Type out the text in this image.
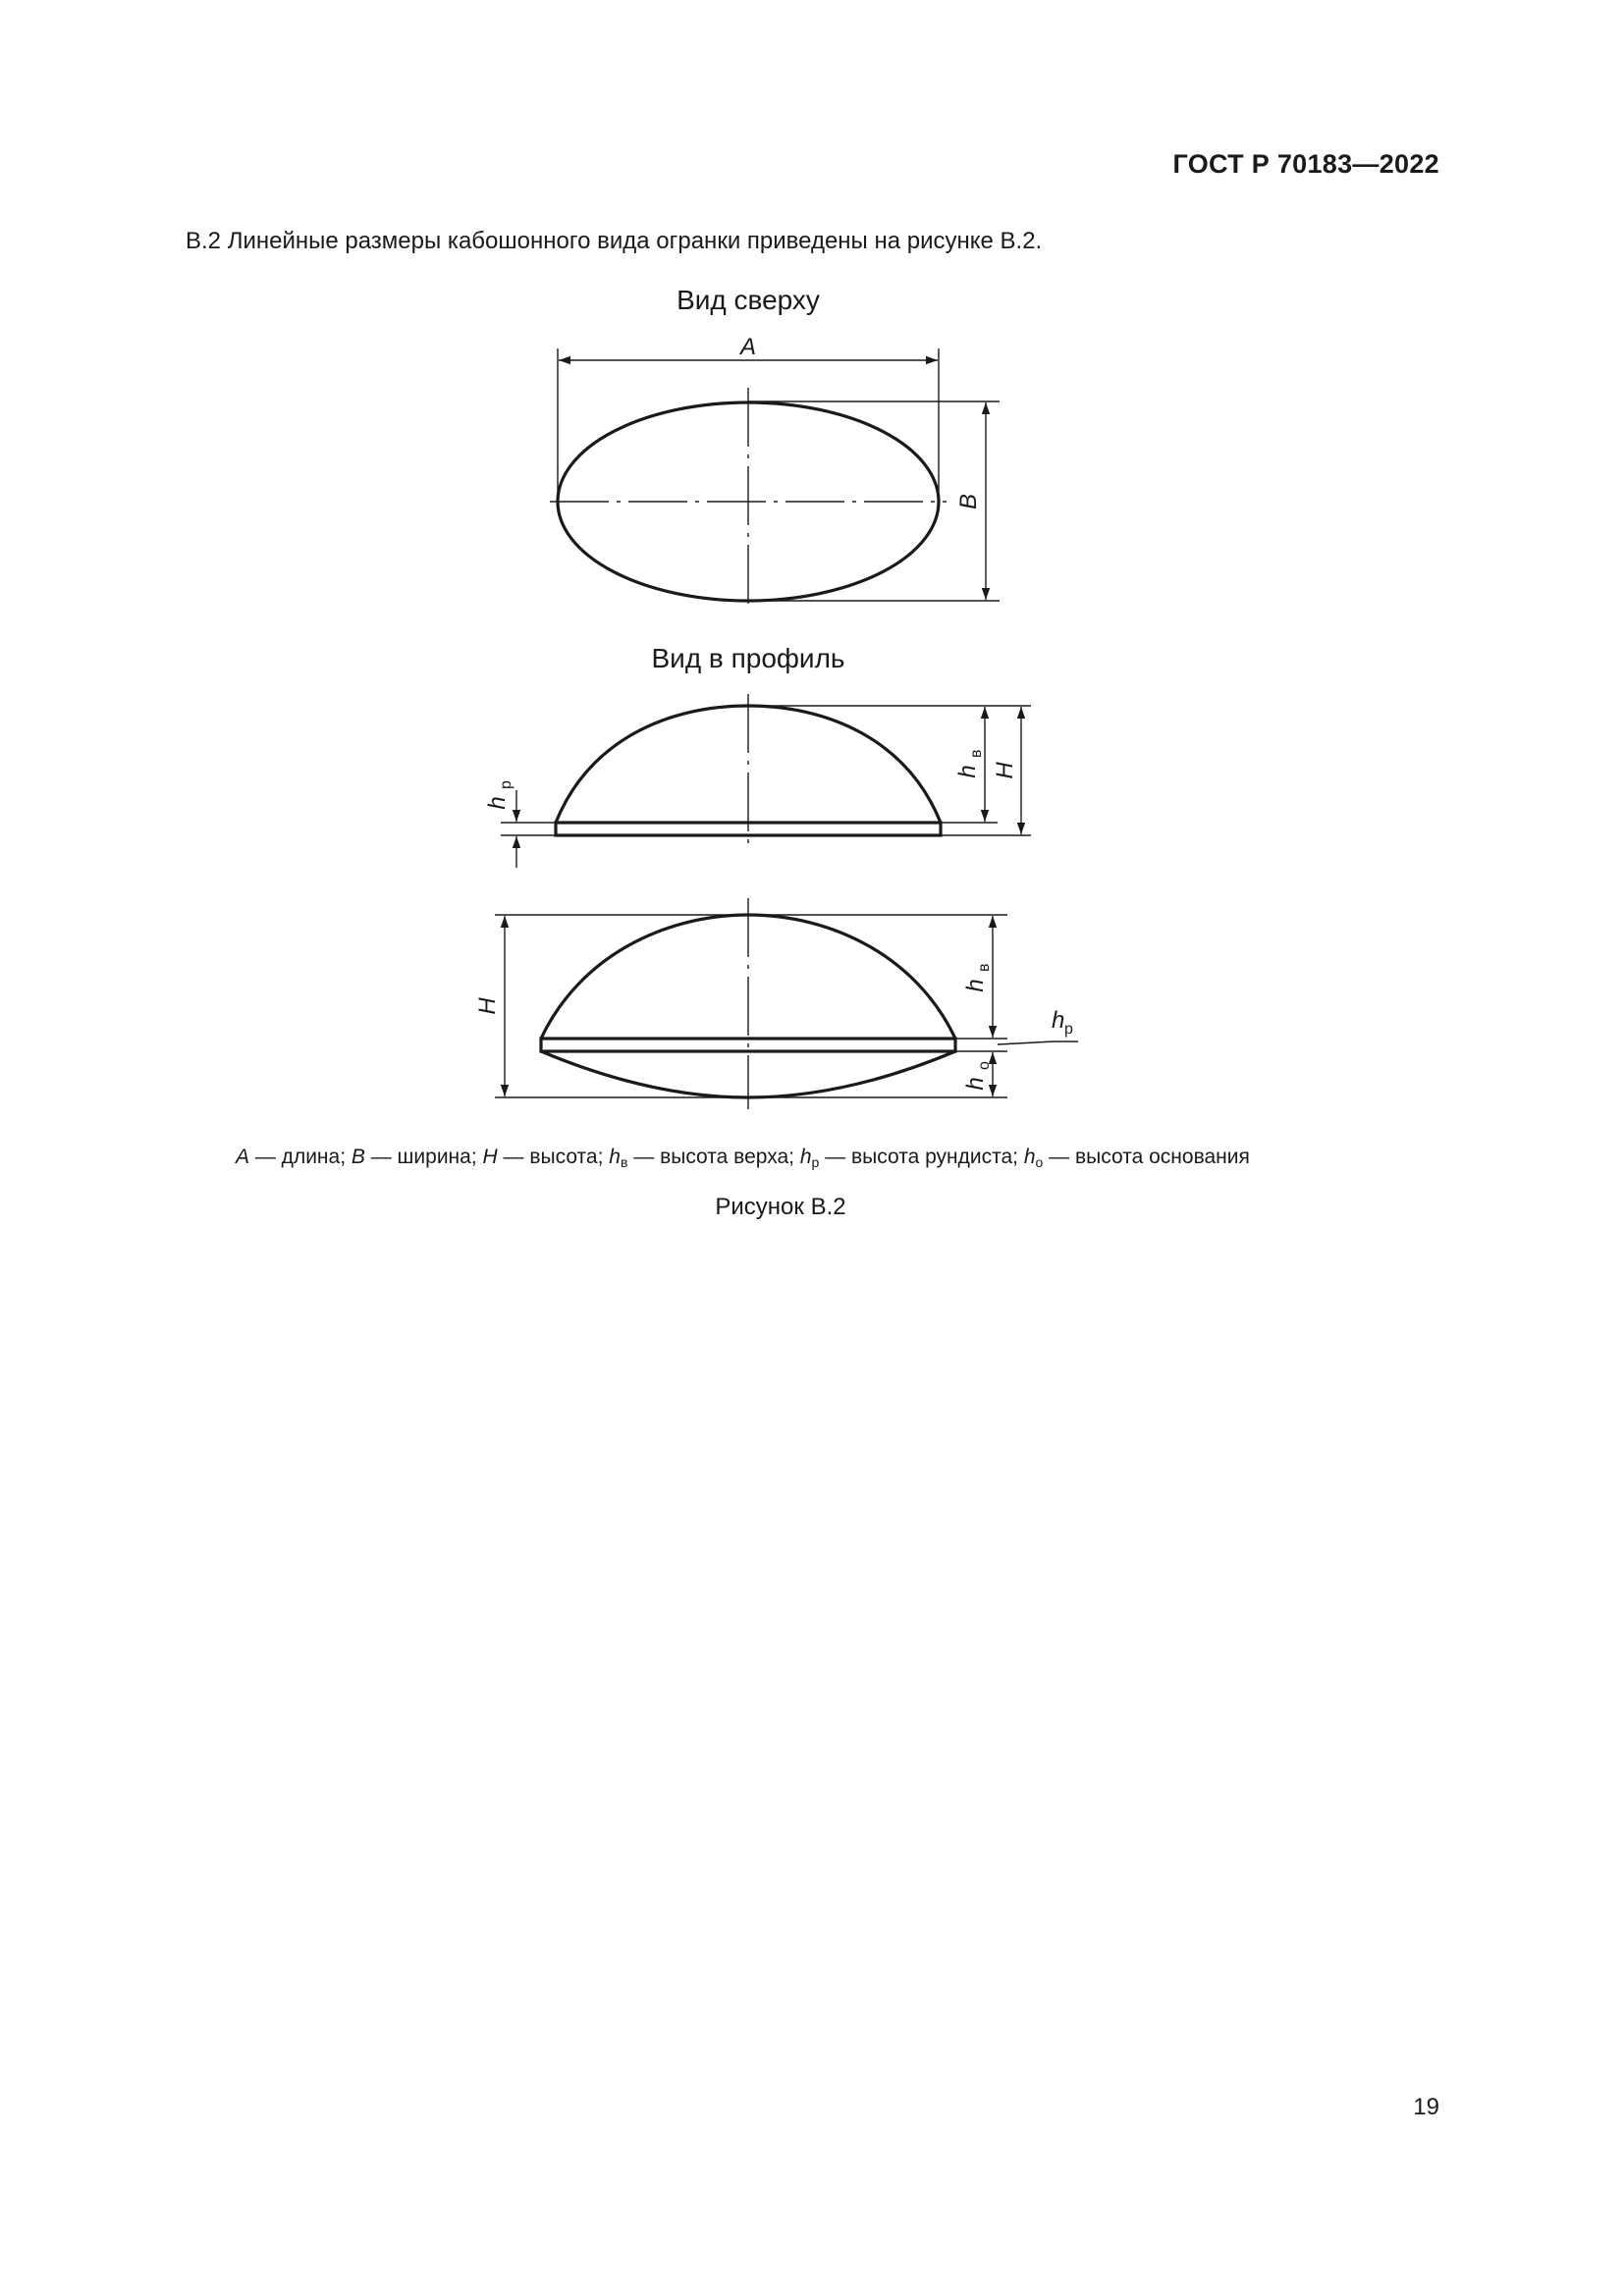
ГОСТ Р 70183—2022
В.2 Линейные размеры кабошонного вида огранки приведены на рисунке В.2.
Вид сверху
A
B
Вид в профиль
h
в
H
h
р
H
h
в
h
о
h р
A — длина; B — ширина; H — высота; $h_в$ — высота верха; $h_р$ — высота рундиста; $h_о$ — высота основания
Рисунок В.2
19
